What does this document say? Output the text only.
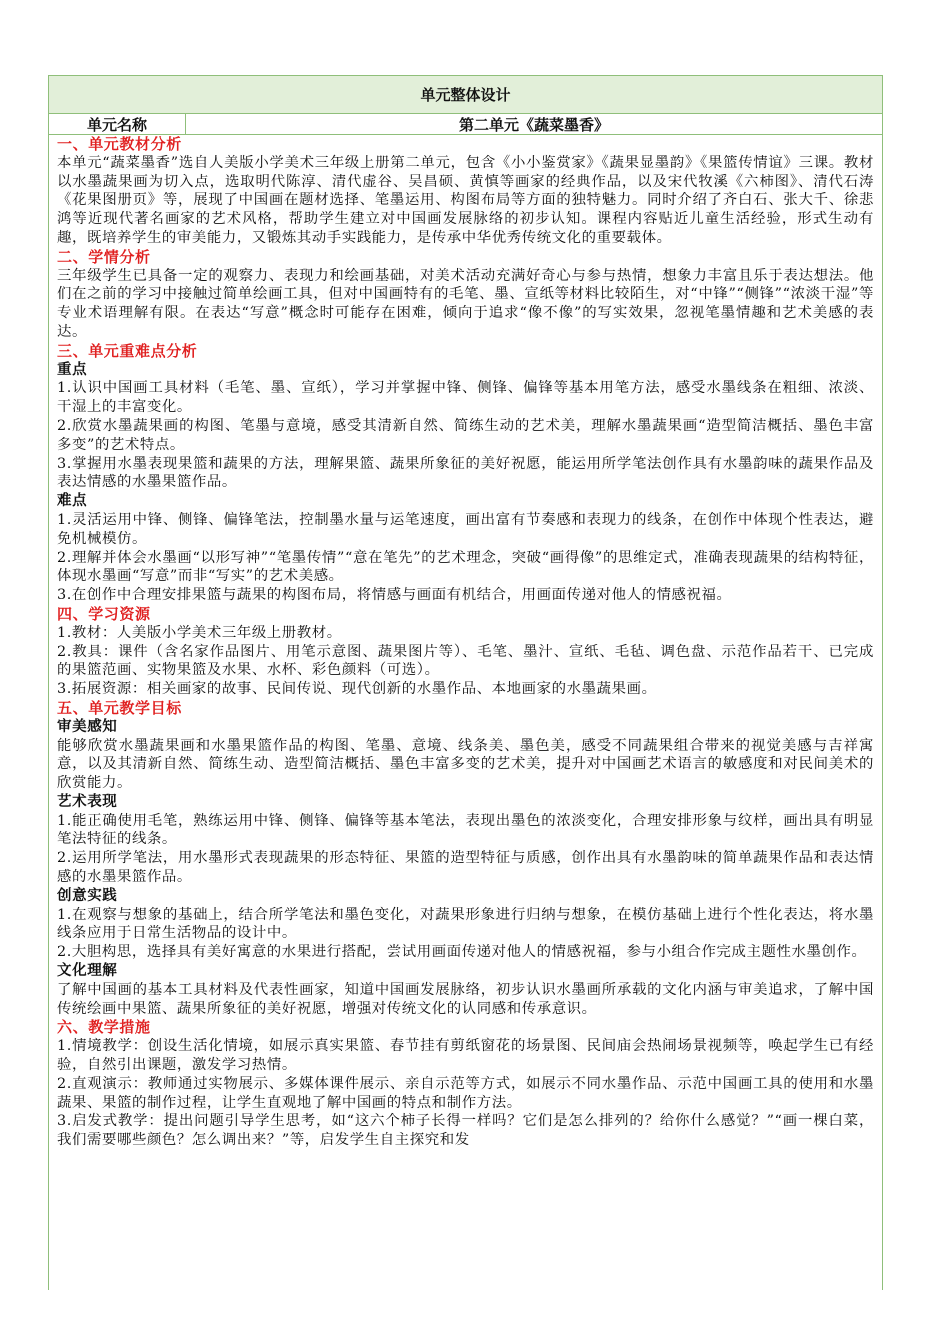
单元整体设计
单元名称	第二单元《蔬菜墨香》

一、单元教材分析

本单元“蔬菜墨香”选自人美版小学美术三年级上册第二单元，包含《小小鉴赏家》《蔬果显墨韵》《果篮传情谊》三课。教材以水墨蔬果画为切入点，选取明代陈淳、清代虚谷、吴昌硕、黄慎等画家的经典作品，以及宋代牧溪《六柿图》、清代石涛《花果图册页》等，展现了中国画在题材选择、笔墨运用、构图布局等方面的独特魅力。同时介绍了齐白石、张大千、徐悲鸿等近现代著名画家的艺术风格，帮助学生建立对中国画发展脉络的初步认知。课程内容贴近儿童生活经验，形式生动有趣，既培养学生的审美能力，又锻炼其动手实践能力，是传承中华优秀传统文化的重要载体。

二、学情分析

三年级学生已具备一定的观察力、表现力和绘画基础，对美术活动充满好奇心与参与热情，想象力丰富且乐于表达想法。他们在之前的学习中接触过简单绘画工具，但对中国画特有的毛笔、墨、宣纸等材料比较陌生，对“中锋”“侧锋”“浓淡干湿”等专业术语理解有限。在表达“写意”概念时可能存在困难，倾向于追求“像不像”的写实效果，忽视笔墨情趣和艺术美感的表达。

三、单元重难点分析

重点

1.认识中国画工具材料（毛笔、墨、宣纸），学习并掌握中锋、侧锋、偏锋等基本用笔方法，感受水墨线条在粗细、浓淡、干湿上的丰富变化。

2.欣赏水墨蔬果画的构图、笔墨与意境，感受其清新自然、简练生动的艺术美，理解水墨蔬果画“造型简洁概括、墨色丰富多变”的艺术特点。

3.掌握用水墨表现果篮和蔬果的方法，理解果篮、蔬果所象征的美好祝愿，能运用所学笔法创作具有水墨韵味的蔬果作品及表达情感的水墨果篮作品。

难点

1.灵活运用中锋、侧锋、偏锋笔法，控制墨水量与运笔速度，画出富有节奏感和表现力的线条，在创作中体现个性表达，避免机械模仿。

2.理解并体会水墨画“以形写神”“笔墨传情”“意在笔先”的艺术理念，突破“画得像”的思维定式，准确表现蔬果的结构特征，体现水墨画“写意”而非“写实”的艺术美感。

3.在创作中合理安排果篮与蔬果的构图布局，将情感与画面有机结合，用画面传递对他人的情感祝福。

四、学习资源

1.教材：人美版小学美术三年级上册教材。

2.教具：课件（含名家作品图片、用笔示意图、蔬果图片等）、毛笔、墨汁、宣纸、毛毡、调色盘、示范作品若干、已完成的果篮范画、实物果篮及水果、水杯、彩色颜料（可选）。

3.拓展资源：相关画家的故事、民间传说、现代创新的水墨作品、本地画家的水墨蔬果画。

五、单元教学目标

审美感知

能够欣赏水墨蔬果画和水墨果篮作品的构图、笔墨、意境、线条美、墨色美，感受不同蔬果组合带来的视觉美感与吉祥寓意，以及其清新自然、简练生动、造型简洁概括、墨色丰富多变的艺术美，提升对中国画艺术语言的敏感度和对民间美术的欣赏能力。

艺术表现

1.能正确使用毛笔，熟练运用中锋、侧锋、偏锋等基本笔法，表现出墨色的浓淡变化，合理安排形象与纹样，画出具有明显笔法特征的线条。

2.运用所学笔法，用水墨形式表现蔬果的形态特征、果篮的造型特征与质感，创作出具有水墨韵味的简单蔬果作品和表达情感的水墨果篮作品。

创意实践

1.在观察与想象的基础上，结合所学笔法和墨色变化，对蔬果形象进行归纳与想象，在模仿基础上进行个性化表达，将水墨线条应用于日常生活物品的设计中。

2.大胆构思，选择具有美好寓意的水果进行搭配，尝试用画面传递对他人的情感祝福，参与小组合作完成主题性水墨创作。

文化理解

了解中国画的基本工具材料及代表性画家，知道中国画发展脉络，初步认识水墨画所承载的文化内涵与审美追求，了解中国传统绘画中果篮、蔬果所象征的美好祝愿，增强对传统文化的认同感和传承意识。

六、教学措施

1.情境教学：创设生活化情境，如展示真实果篮、春节挂有剪纸窗花的场景图、民间庙会热闹场景视频等，唤起学生已有经验，自然引出课题，激发学习热情。

2.直观演示：教师通过实物展示、多媒体课件展示、亲自示范等方式，如展示不同水墨作品、示范中国画工具的使用和水墨蔬果、果篮的制作过程，让学生直观地了解中国画的特点和制作方法。

3.启发式教学：提出问题引导学生思考，如“这六个柿子长得一样吗？它们是怎么排列的？给你什么感觉？”“画一棵白菜，我们需要哪些颜色？怎么调出来？”等，启发学生自主探究和发
